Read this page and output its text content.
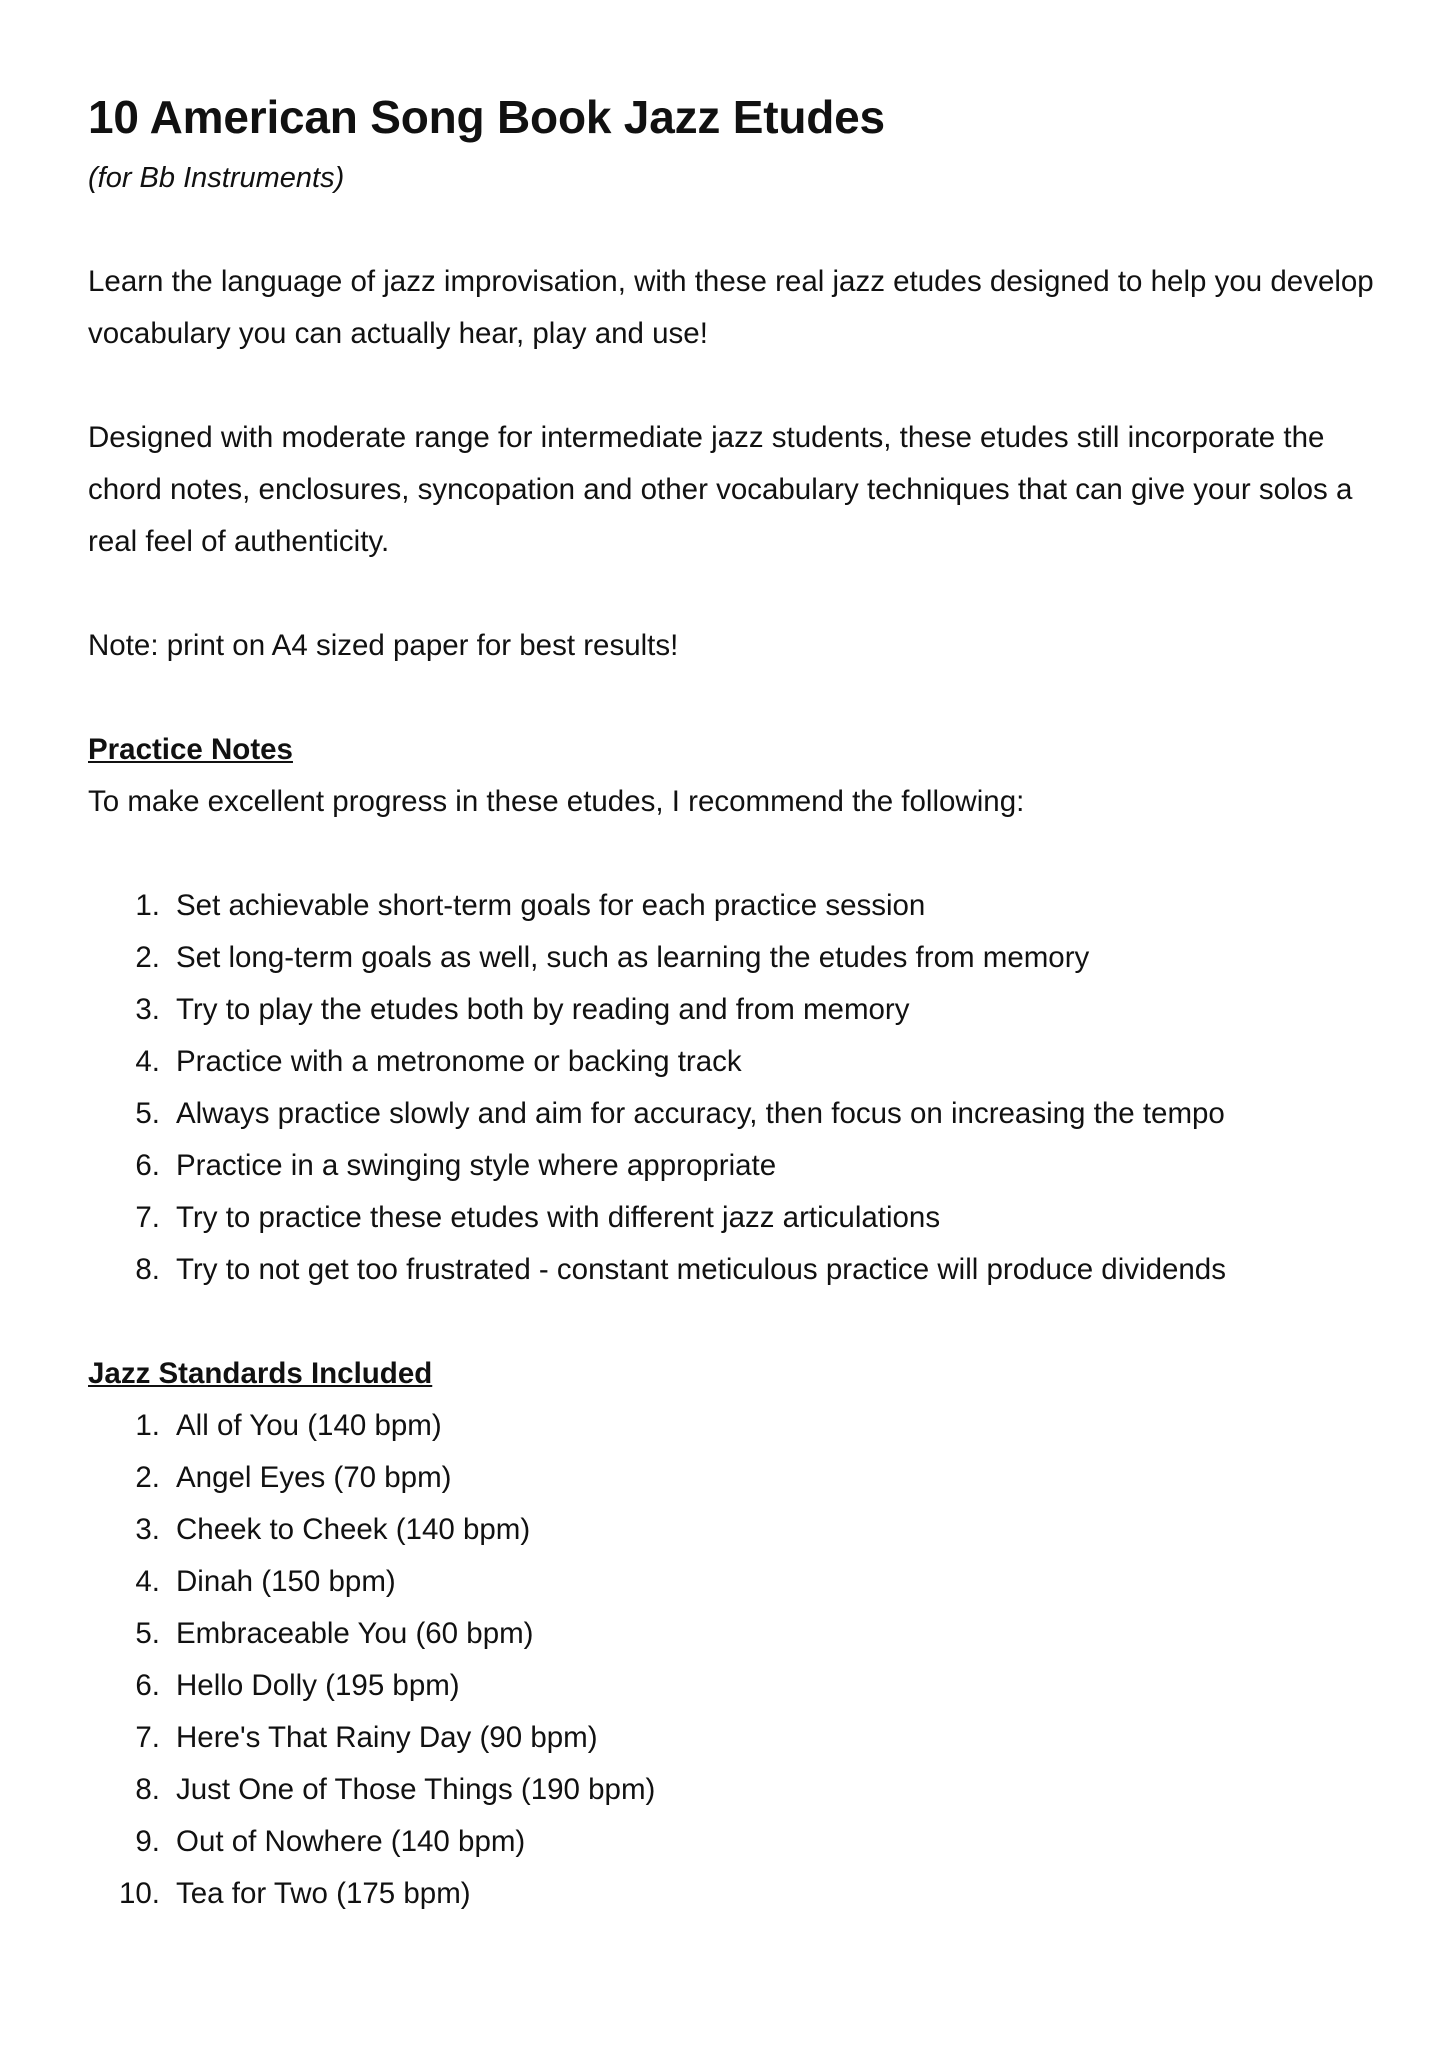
10 American Song Book Jazz Etudes

(for Bb Instruments)

Learn the language of jazz improvisation, with these real jazz etudes designed to help you develop vocabulary you can actually hear, play and use!

Designed with moderate range for intermediate jazz students, these etudes still incorporate the chord notes, enclosures, syncopation and other vocabulary techniques that can give your solos a real feel of authenticity.

Note: print on A4 sized paper for best results!

Practice Notes

To make excellent progress in these etudes, I recommend the following:

1. Set achievable short-term goals for each practice session
2. Set long-term goals as well, such as learning the etudes from memory
3. Try to play the etudes both by reading and from memory
4. Practice with a metronome or backing track
5. Always practice slowly and aim for accuracy, then focus on increasing the tempo
6. Practice in a swinging style where appropriate
7. Try to practice these etudes with different jazz articulations
8. Try to not get too frustrated - constant meticulous practice will produce dividends

Jazz Standards Included

1. All of You (140 bpm)
2. Angel Eyes (70 bpm)
3. Cheek to Cheek (140 bpm)
4. Dinah (150 bpm)
5. Embraceable You (60 bpm)
6. Hello Dolly (195 bpm)
7. Here's That Rainy Day (90 bpm)
8. Just One of Those Things (190 bpm)
9. Out of Nowhere (140 bpm)
10. Tea for Two (175 bpm)
